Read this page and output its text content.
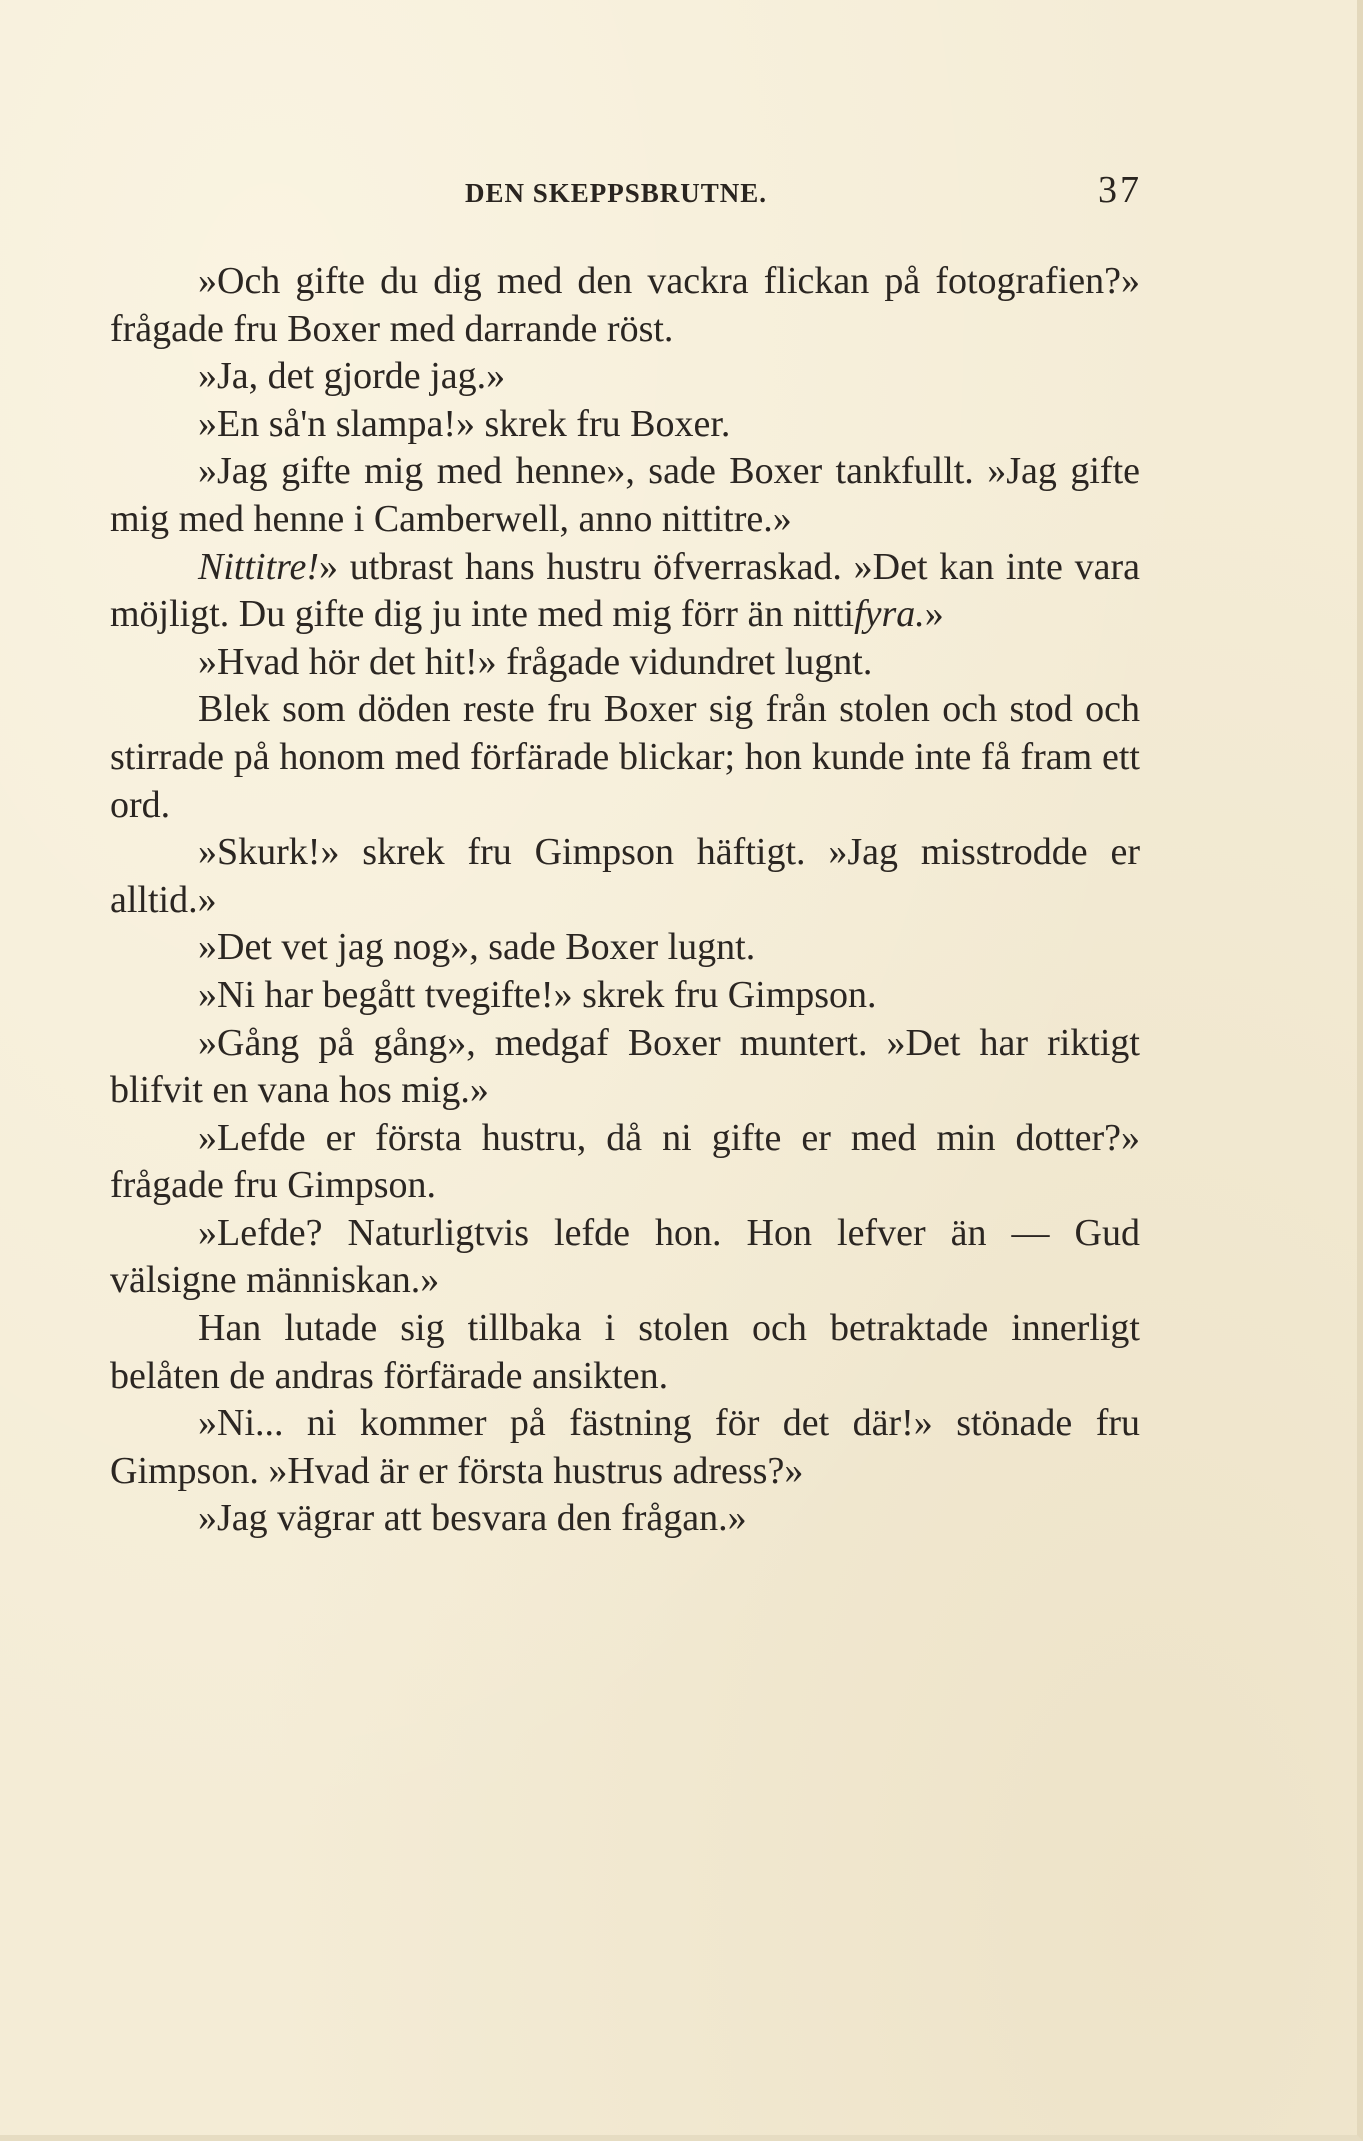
DEN SKEPPSBRUTNE.	37

»Och gifte du dig med den vackra flickan på fotografien?» frågade fru Boxer med darrande röst.

»Ja, det gjorde jag.»

»En så'n slampa!» skrek fru Boxer.

»Jag gifte mig med henne», sade Boxer tankfullt. »Jag gifte mig med henne i Camberwell, anno nittitre.»

Nittitre!» utbrast hans hustru öfverraskad. »Det kan inte vara möjligt. Du gifte dig ju inte med mig förr än nittifyra.»

»Hvad hör det hit!» frågade vidundret lugnt.

Blek som döden reste fru Boxer sig från stolen och stod och stirrade på honom med förfärade blickar; hon kunde inte få fram ett ord.

»Skurk!» skrek fru Gimpson häftigt. »Jag misstrodde er alltid.»

»Det vet jag nog», sade Boxer lugnt.

»Ni har begått tvegifte!» skrek fru Gimpson.

»Gång på gång», medgaf Boxer muntert. »Det har riktigt blifvit en vana hos mig.»

»Lefde er första hustru, då ni gifte er med min dotter?» frågade fru Gimpson.

»Lefde? Naturligtvis lefde hon. Hon lefver än — Gud välsigne människan.»

Han lutade sig tillbaka i stolen och betraktade innerligt belåten de andras förfärade ansikten.

»Ni... ni kommer på fästning för det där!» stönade fru Gimpson. »Hvad är er första hustrus adress?»

»Jag vägrar att besvara den frågan.»
